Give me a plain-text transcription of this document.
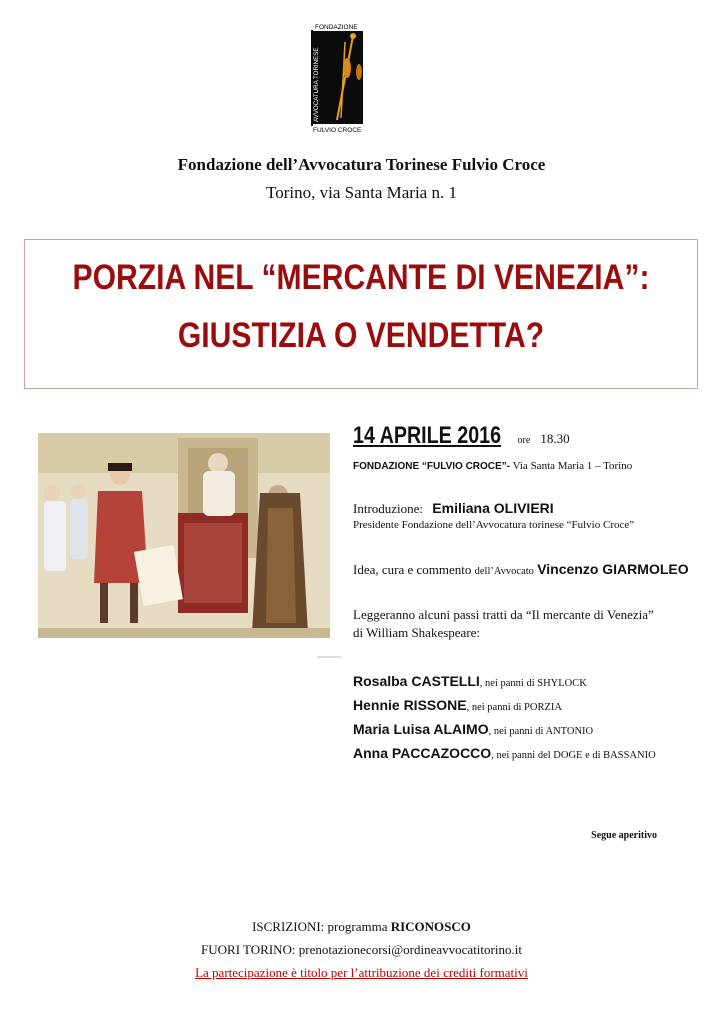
FONDAZIONE
FULVIO CROCE
AVVOCATURA TORINESE
Fondazione dell’Avvocatura Torinese Fulvio Croce
Torino, via Santa Maria n. 1
PORZIA NEL “MERCANTE DI VENEZIA”:
GIUSTIZIA O VENDETTA?
14 APRILE 2016 ore 18.30
FONDAZIONE “FULVIO CROCE”- Via Santa Maria 1 – Torino
Introduzione: Emiliana OLIVIERI
Presidente Fondazione dell’Avvocatura torinese “Fulvio Croce”
Idea, cura e commento dell’Avvocato Vincenzo GIARMOLEO
Leggeranno alcuni passi tratti da “Il mercante di Venezia”
di William Shakespeare:
Rosalba CASTELLI, nei panni di SHYLOCK
Hennie RISSONE, nei panni di PORZIA
Maria Luisa ALAIMO, nei panni di ANTONIO
Anna PACCAZOCCO, nei panni del DOGE e di BASSANIO
Segue aperitivo
ISCRIZIONI: programma RICONOSCO
FUORI TORINO: prenotazionecorsi@ordineavvocatitorino.it
La partecipazione è titolo per l’attribuzione dei crediti formativi
